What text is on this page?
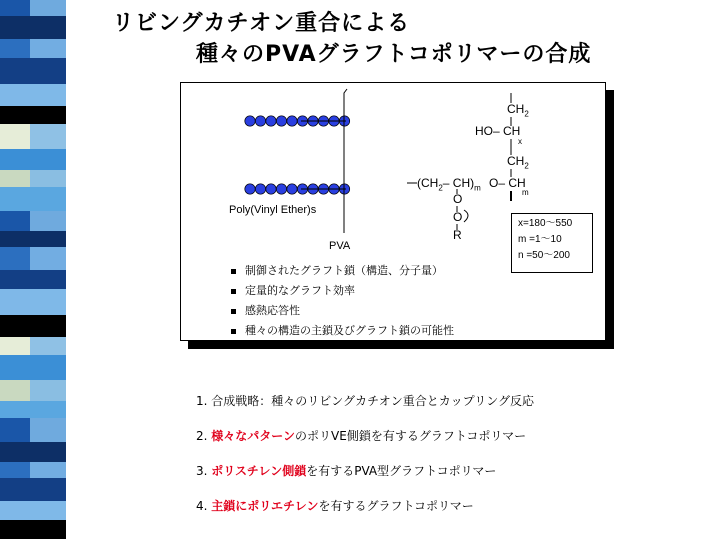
リビングカチオン重合による
種々のPVAグラフトコポリマーの合成
Poly(Vinyl Ether)s
PVA
$CH_2$
HO– CH
x
$CH_2$
($CH_2-$ $CH)_m$ O– CH
m
O
O
R
x=180～550
m =1～10
n =50～200
制御されたグラフト鎖（構造、分子量）
定量的なグラフト効率
感熱応答性
種々の構造の主鎖及びグラフト鎖の可能性
1. 合成戦略：種々のリビングカチオン重合とカップリング反応
2. 様々なパターンのポリVE側鎖を有するグラフトコポリマー
3. ポリスチレン側鎖を有するPVA型グラフトコポリマー
4. 主鎖にポリエチレンを有するグラフトコポリマー
